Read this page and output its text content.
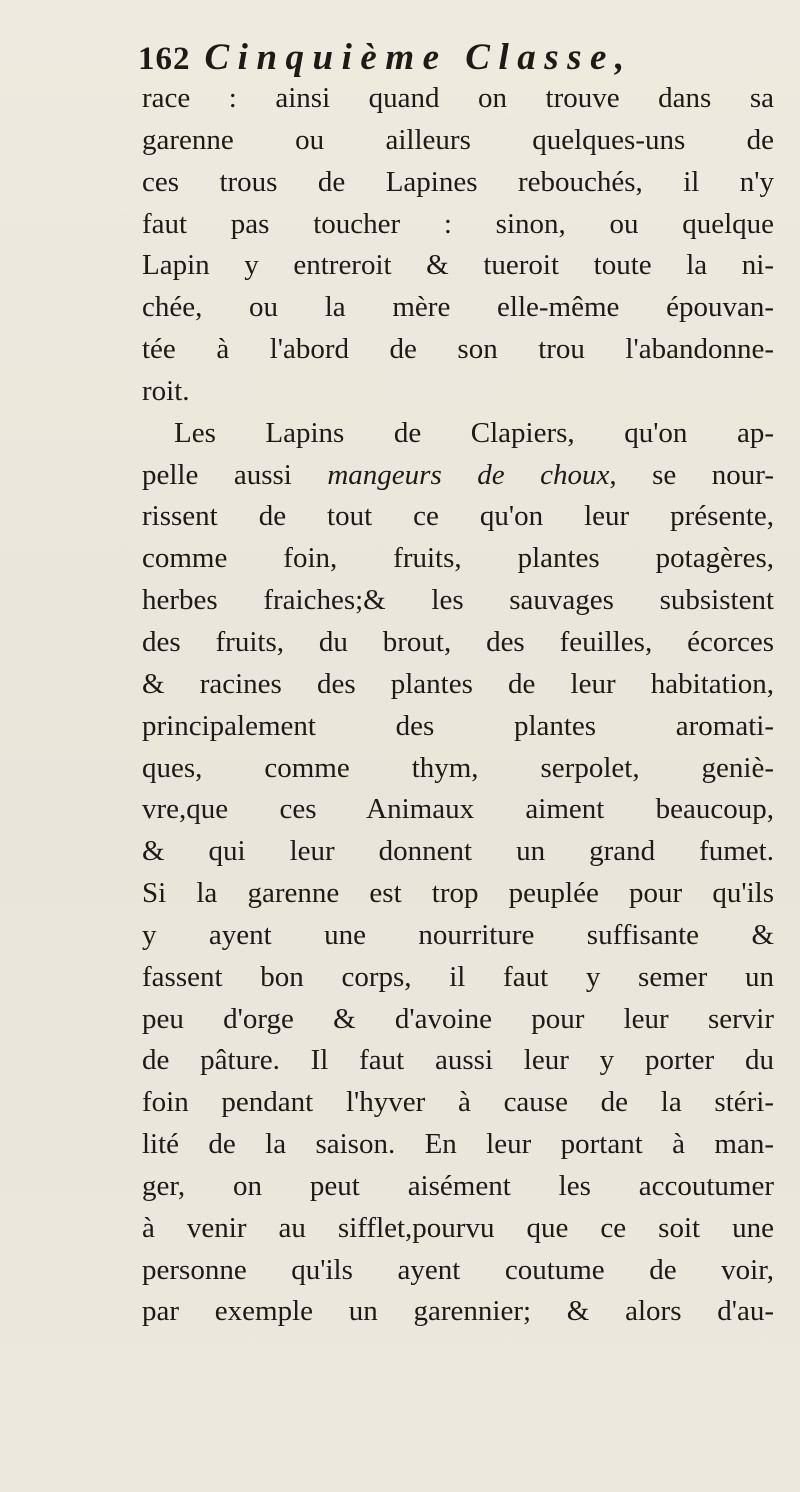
162 Cinquième Classe,
race : ainsi quand on trouve dans sa
garenne ou ailleurs quelques-uns de
ces trous de Lapines rebouchés, il n'y
faut pas toucher : sinon, ou quelque
Lapin y entreroit & tueroit toute la ni-
chée, ou la mère elle-même épouvan-
tée à l'abord de son trou l'abandonne-
roit.
Les Lapins de Clapiers, qu'on ap-
pelle aussi mangeurs de choux, se nour-
rissent de tout ce qu'on leur présente,
comme foin, fruits, plantes potagères,
herbes fraiches;& les sauvages subsistent
des fruits, du brout, des feuilles, écorces
& racines des plantes de leur habitation,
principalement des plantes aromati-
ques, comme thym, serpolet, geniè-
vre,que ces Animaux aiment beaucoup,
& qui leur donnent un grand fumet.
Si la garenne est trop peuplée pour qu'ils
y ayent une nourriture suffisante &
fassent bon corps, il faut y semer un
peu d'orge & d'avoine pour leur servir
de pâture. Il faut aussi leur y porter du
foin pendant l'hyver à cause de la stéri-
lité de la saison. En leur portant à man-
ger, on peut aisément les accoutumer
à venir au sifflet,pourvu que ce soit une
personne qu'ils ayent coutume de voir,
par exemple un garennier; & alors d'au-
